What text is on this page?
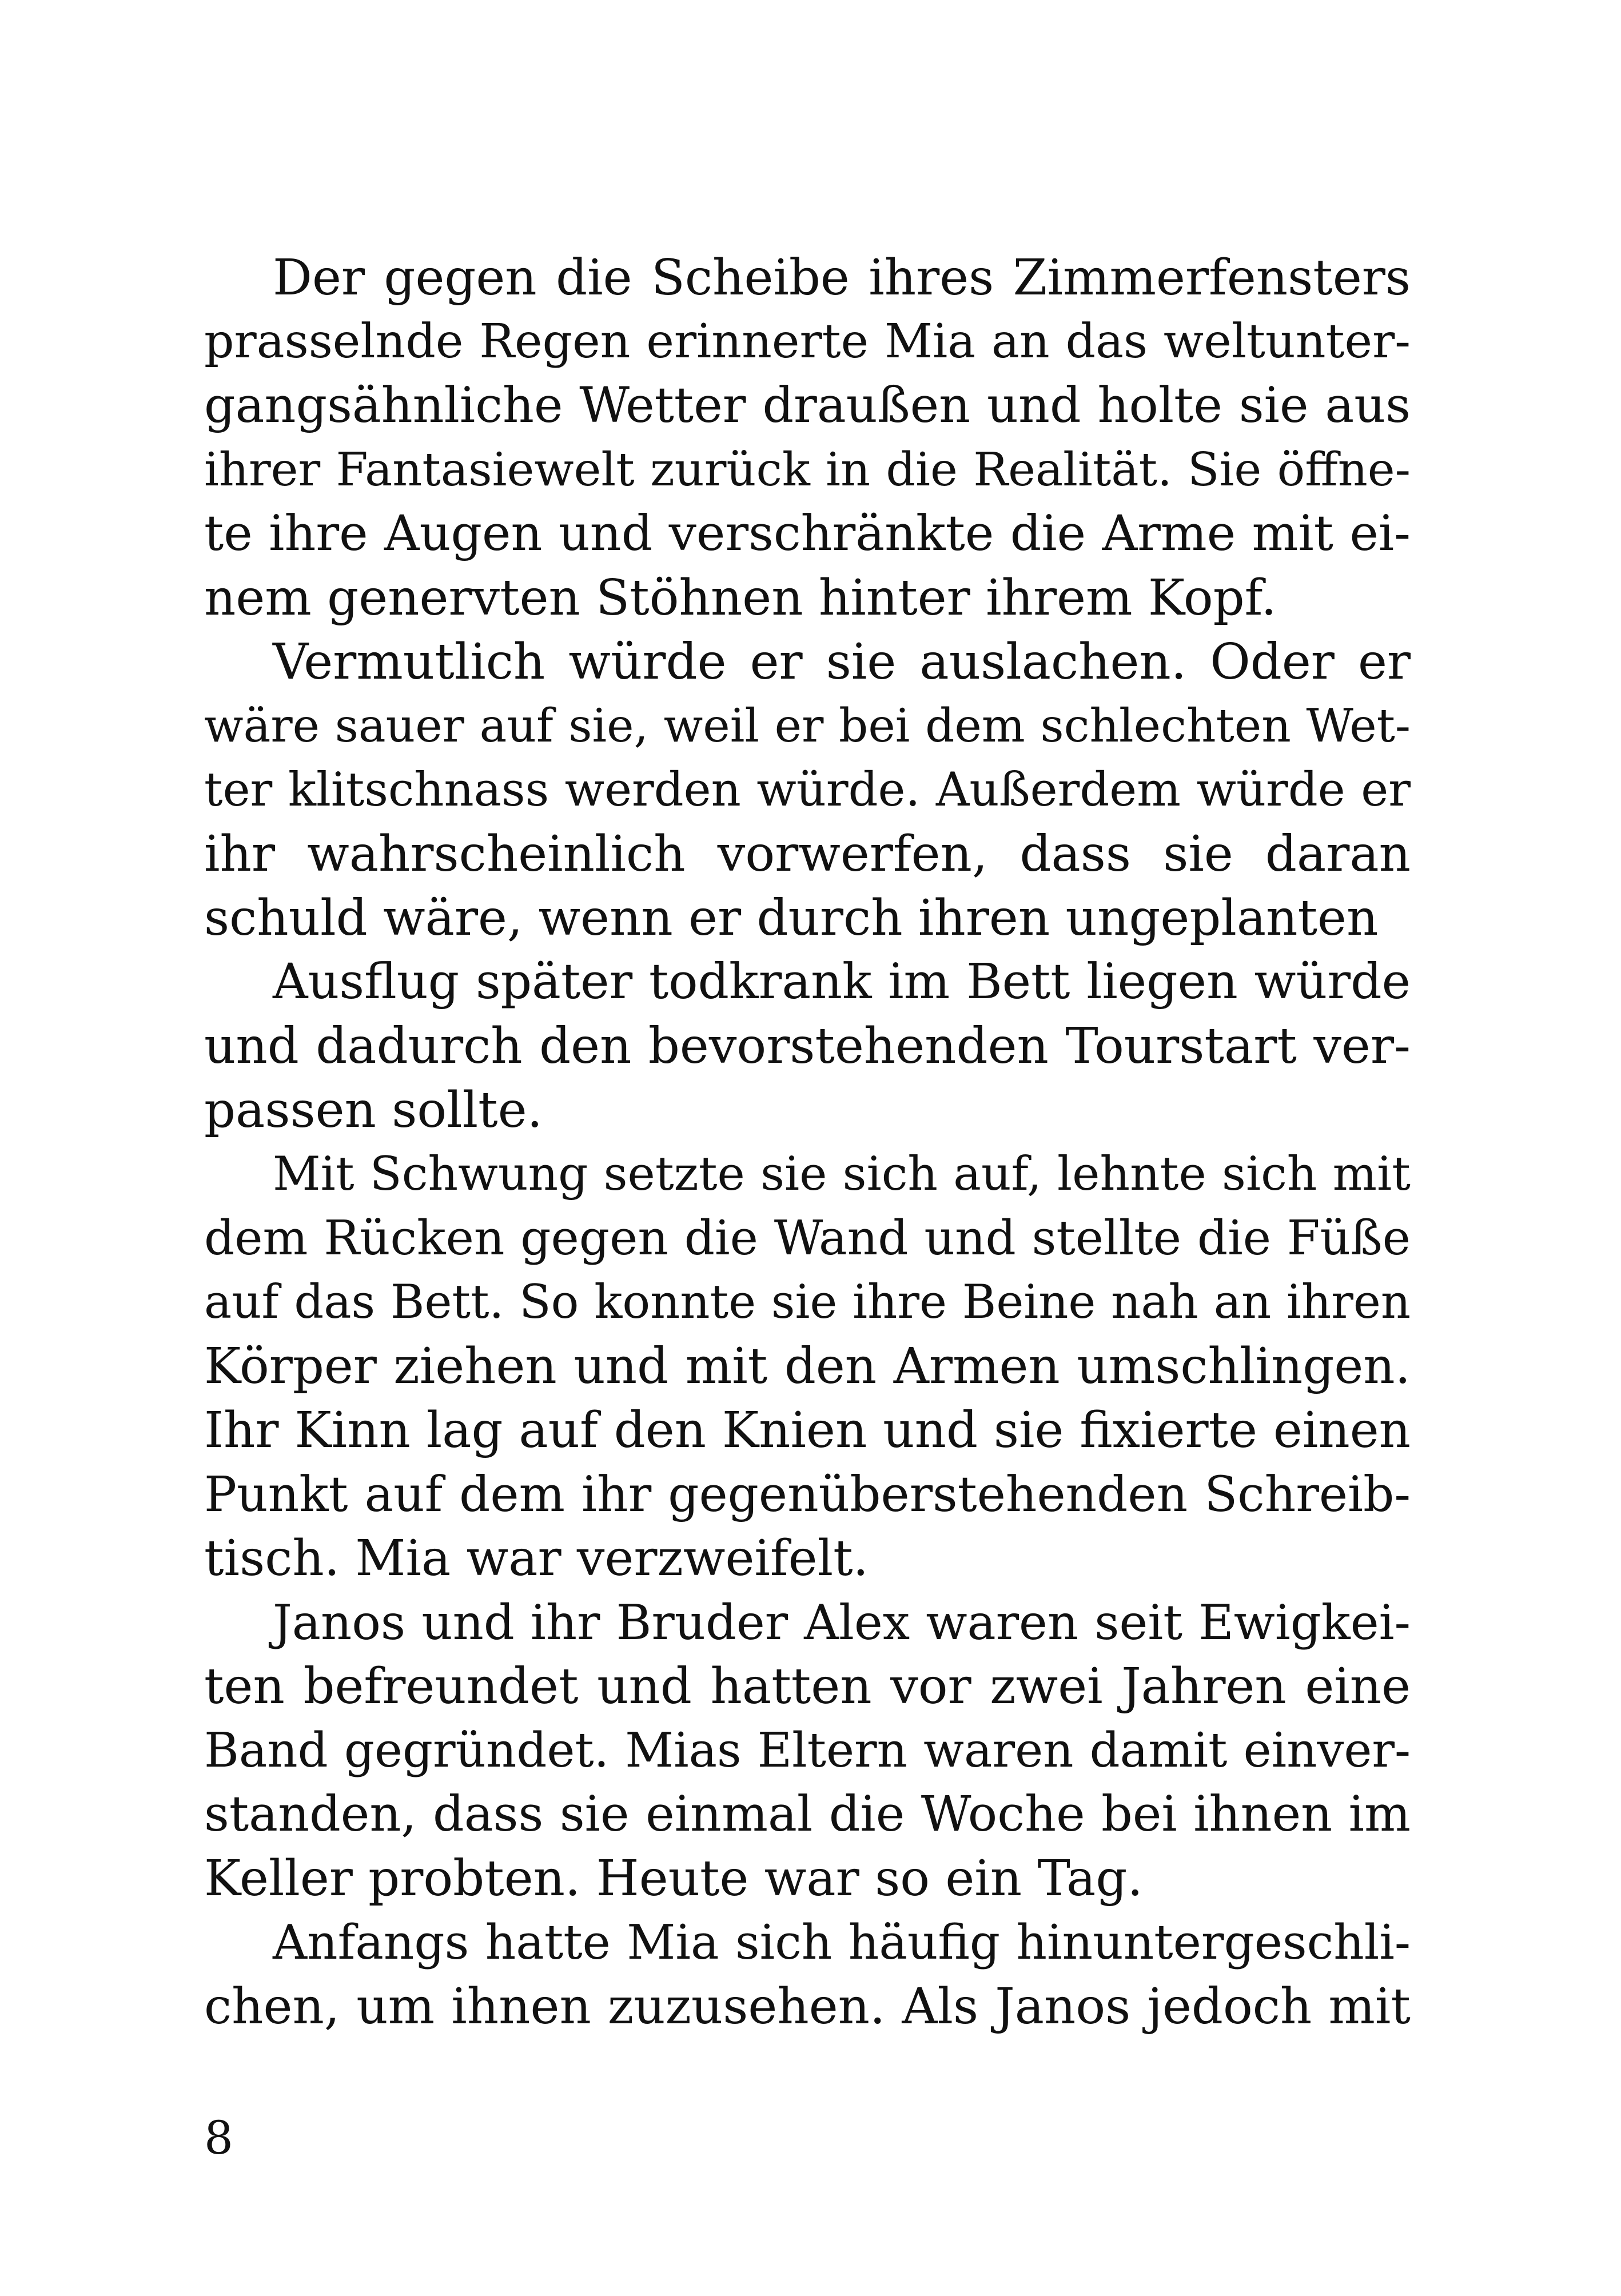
Der gegen die Scheibe ihres Zimmerfensters
prasselnde Regen erinnerte Mia an das weltunter-
gangsähnliche Wetter draußen und holte sie aus
ihrer Fantasiewelt zurück in die Realität. Sie öffne-
te ihre Augen und verschränkte die Arme mit ei-
nem genervten Stöhnen hinter ihrem Kopf.
Vermutlich würde er sie auslachen. Oder er
wäre sauer auf sie, weil er bei dem schlechten Wet-
ter klitschnass werden würde. Außerdem würde er
ihr wahrscheinlich vorwerfen, dass sie daran
schuld wäre, wenn er durch ihren ungeplanten
Ausflug später todkrank im Bett liegen würde
und dadurch den bevorstehenden Tourstart ver-
passen sollte.
Mit Schwung setzte sie sich auf, lehnte sich mit
dem Rücken gegen die Wand und stellte die Füße
auf das Bett. So konnte sie ihre Beine nah an ihren
Körper ziehen und mit den Armen umschlingen.
Ihr Kinn lag auf den Knien und sie fixierte einen
Punkt auf dem ihr gegenüberstehenden Schreib-
tisch. Mia war verzweifelt.
Janos und ihr Bruder Alex waren seit Ewigkei-
ten befreundet und hatten vor zwei Jahren eine
Band gegründet. Mias Eltern waren damit einver-
standen, dass sie einmal die Woche bei ihnen im
Keller probten. Heute war so ein Tag.
Anfangs hatte Mia sich häufig hinuntergeschli-
chen, um ihnen zuzusehen. Als Janos jedoch mit
8
